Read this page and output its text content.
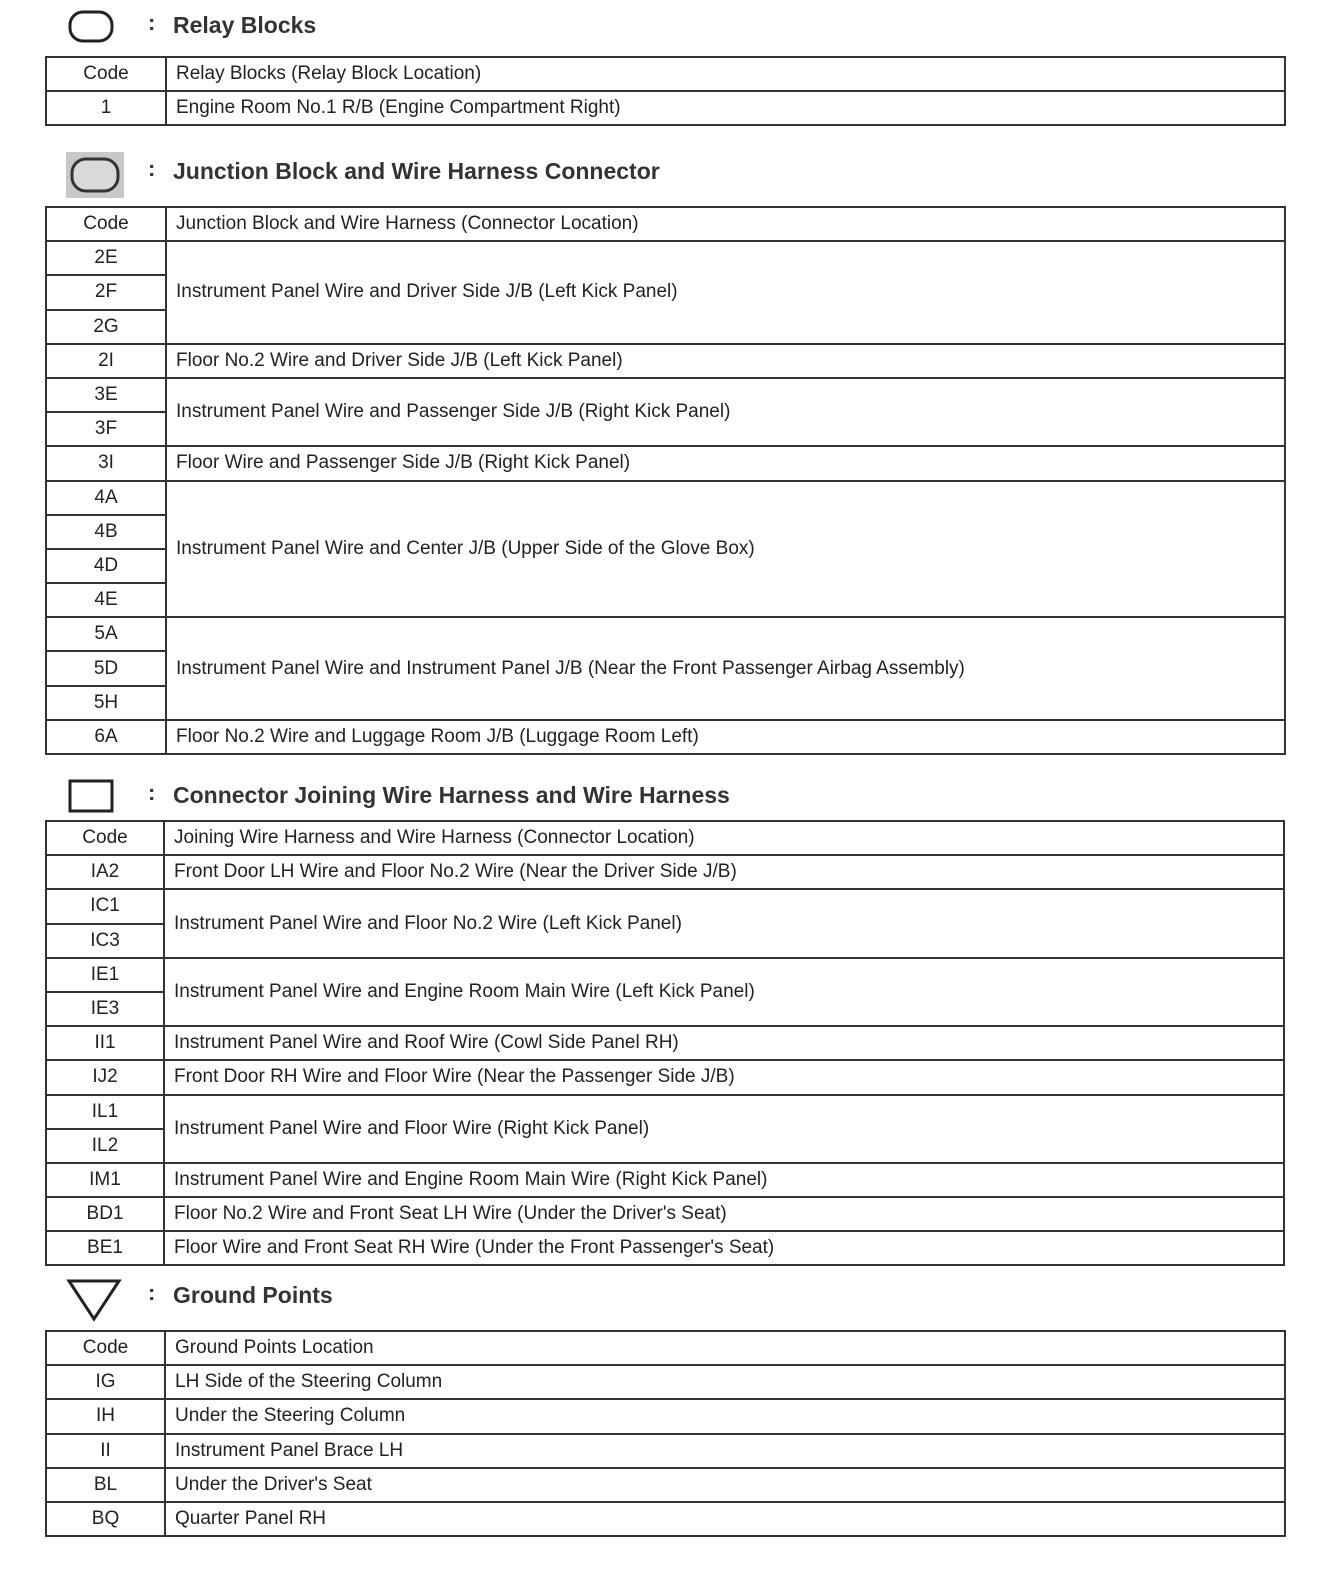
: Relay Blocks
Code	Relay Blocks (Relay Block Location)
1	Engine Room No.1 R/B (Engine Compartment Right)
: Junction Block and Wire Harness Connector
Code	Junction Block and Wire Harness (Connector Location)
2E	Instrument Panel Wire and Driver Side J/B (Left Kick Panel)
2F	
2G	
2I	Floor No.2 Wire and Driver Side J/B (Left Kick Panel)
3E	Instrument Panel Wire and Passenger Side J/B (Right Kick Panel)
3F	
3I	Floor Wire and Passenger Side J/B (Right Kick Panel)
4A	Instrument Panel Wire and Center J/B (Upper Side of the Glove Box)
4B	
4D	
4E	
5A	Instrument Panel Wire and Instrument Panel J/B (Near the Front Passenger Airbag Assembly)
5D	
5H	
6A	Floor No.2 Wire and Luggage Room J/B (Luggage Room Left)
: Connector Joining Wire Harness and Wire Harness
Code	Joining Wire Harness and Wire Harness (Connector Location)
IA2	Front Door LH Wire and Floor No.2 Wire (Near the Driver Side J/B)
IC1	Instrument Panel Wire and Floor No.2 Wire (Left Kick Panel)
IC3	
IE1	Instrument Panel Wire and Engine Room Main Wire (Left Kick Panel)
IE3	
II1	Instrument Panel Wire and Roof Wire (Cowl Side Panel RH)
IJ2	Front Door RH Wire and Floor Wire (Near the Passenger Side J/B)
IL1	Instrument Panel Wire and Floor Wire (Right Kick Panel)
IL2	
IM1	Instrument Panel Wire and Engine Room Main Wire (Right Kick Panel)
BD1	Floor No.2 Wire and Front Seat LH Wire (Under the Driver's Seat)
BE1	Floor Wire and Front Seat RH Wire (Under the Front Passenger's Seat)
: Ground Points
Code	Ground Points Location
IG	LH Side of the Steering Column
IH	Under the Steering Column
II	Instrument Panel Brace LH
BL	Under the Driver's Seat
BQ	Quarter Panel RH
